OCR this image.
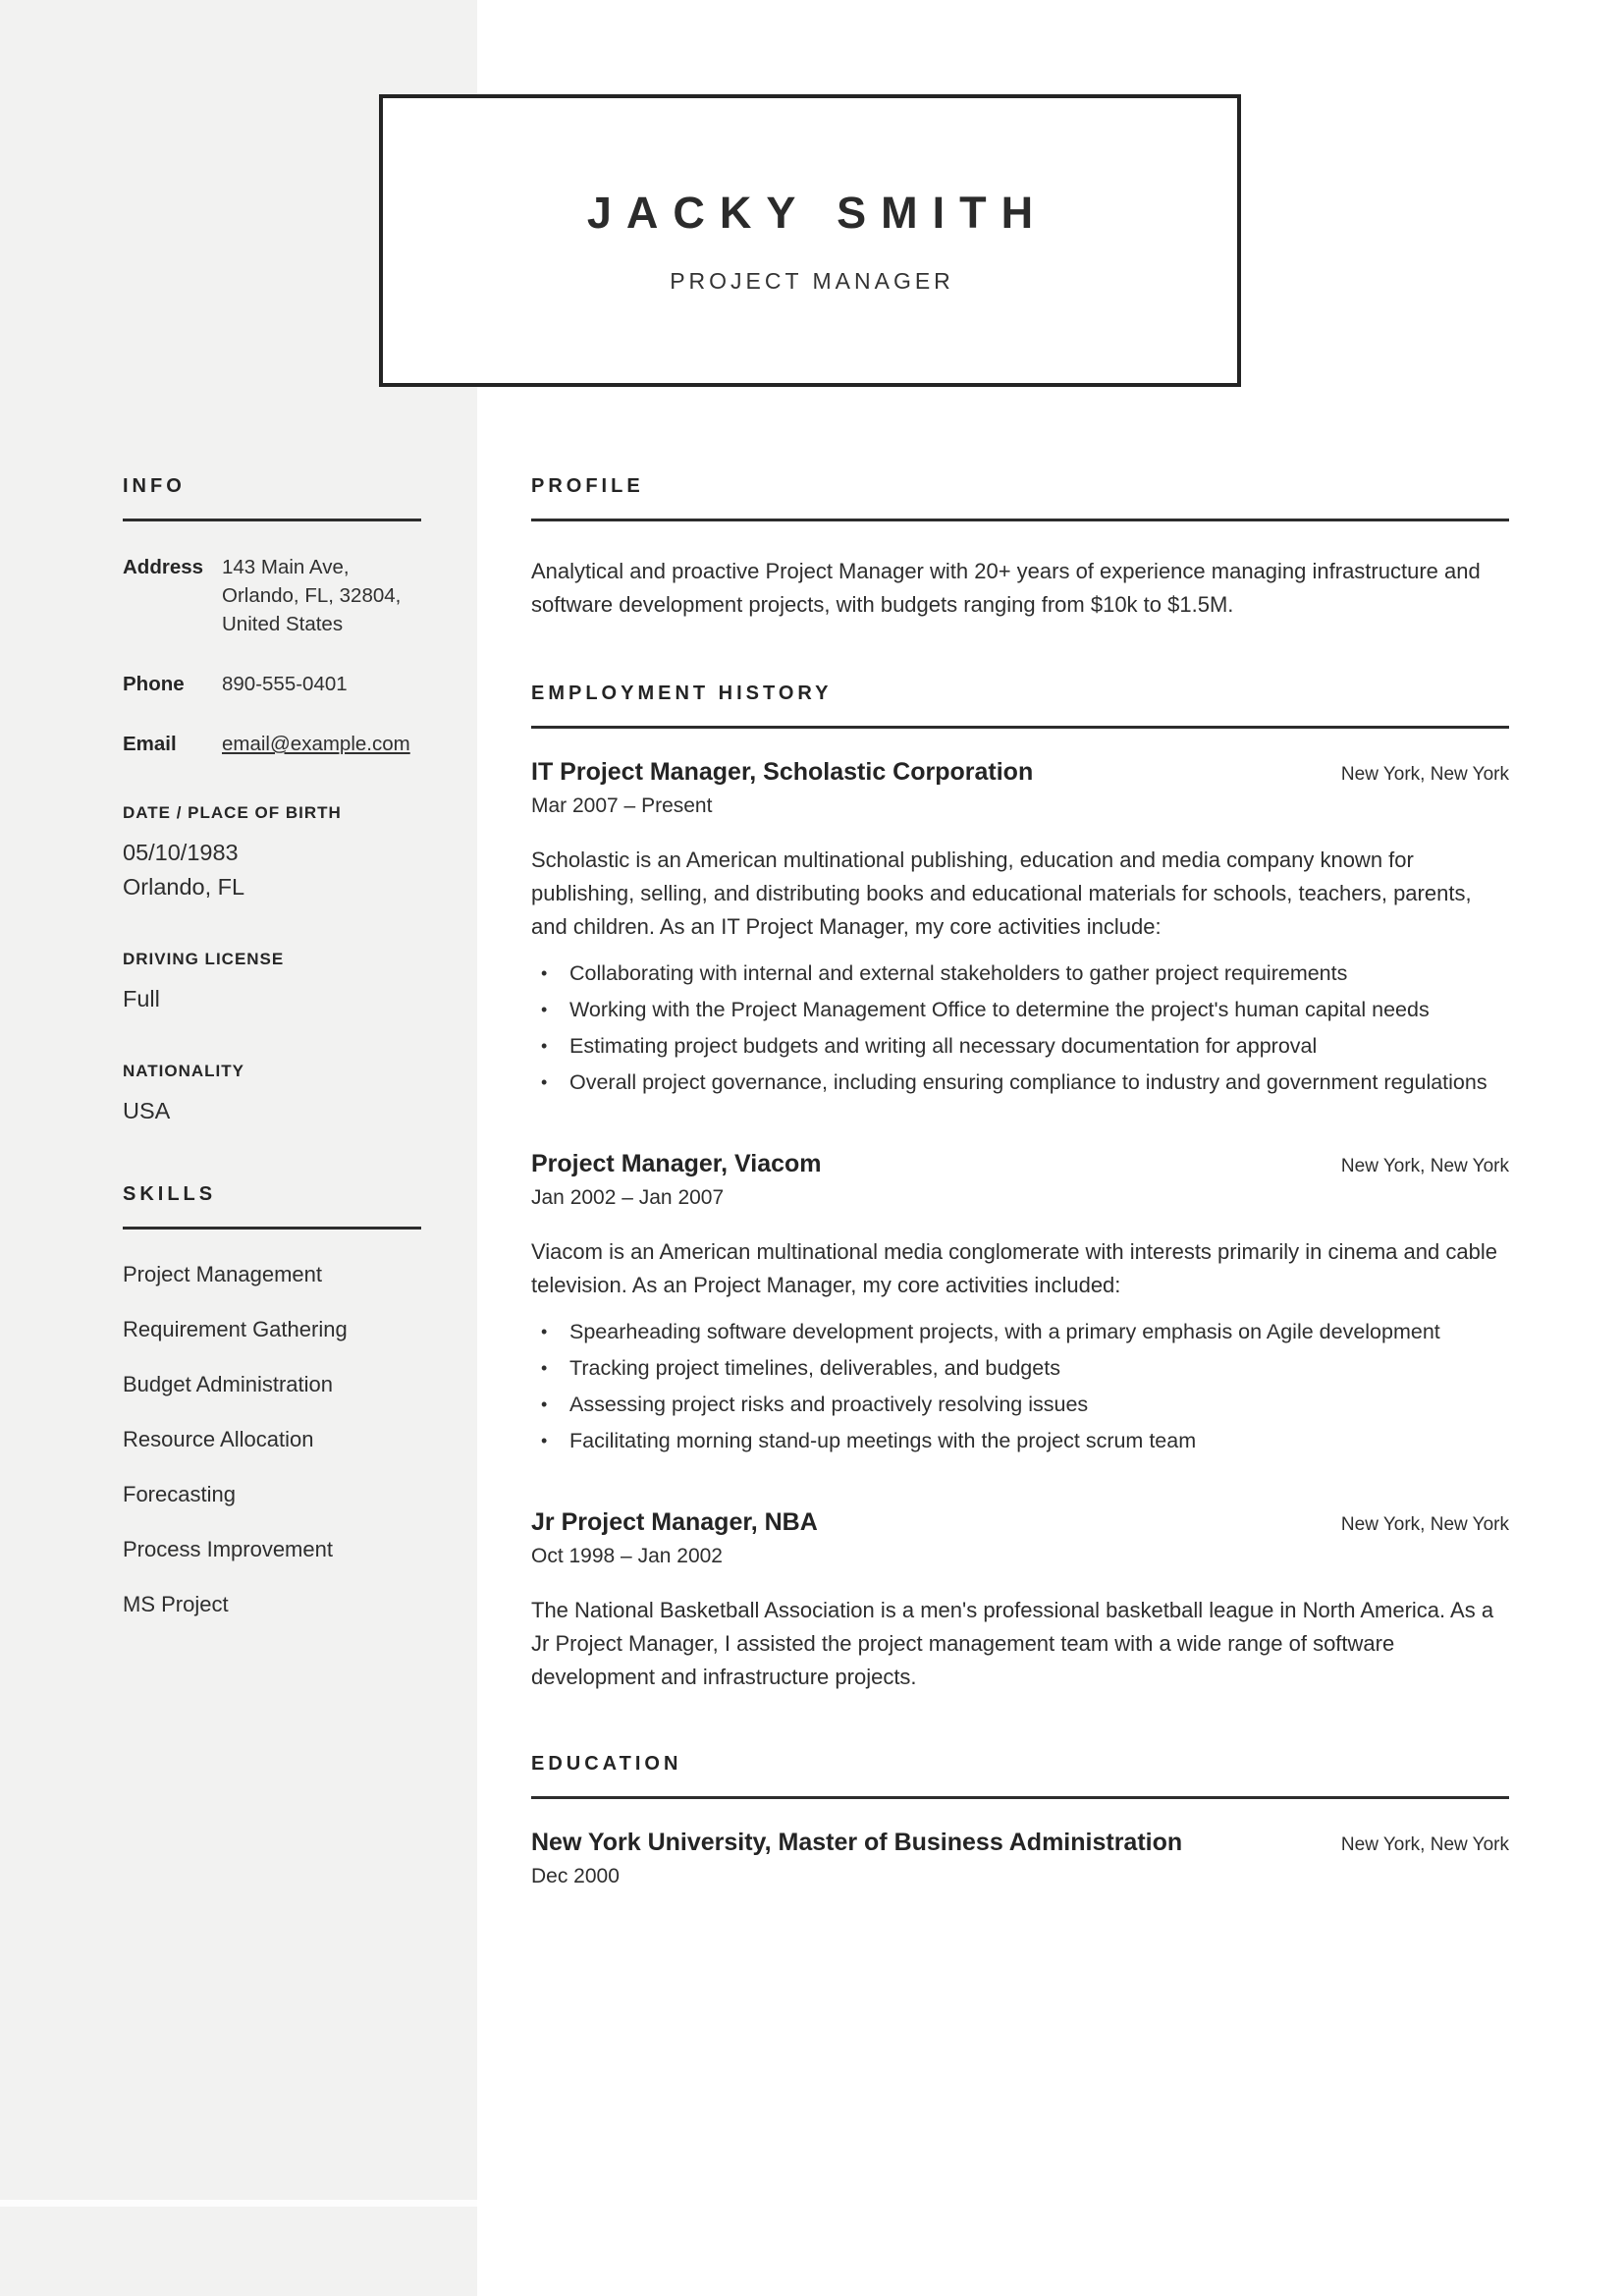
JACKY SMITH
PROJECT MANAGER
INFO
Address 143 Main Ave,
Orlando, FL, 32804,
United States
Phone	890-555-0401
Email	email@example.com
DATE / PLACE OF BIRTH
05/10/1983
Orlando, FL
DRIVING LICENSE
Full
NATIONALITY
USA
SKILLS
Project Management
Requirement Gathering
Budget Administration
Resource Allocation
Forecasting
Process Improvement
MS Project
PROFILE
Analytical and proactive Project Manager with 20+ years of experience managing infrastructure and software development projects, with budgets ranging from $10k to $1.5M.
EMPLOYMENT HISTORY
IT Project Manager, Scholastic Corporation	New York, New York
Mar 2007 – Present
Scholastic is an American multinational publishing, education and media company known for publishing, selling, and distributing books and educational materials for schools, teachers, parents, and children. As an IT Project Manager, my core activities include:
•	Collaborating with internal and external stakeholders to gather project requirements
•	Working with the Project Management Office to determine the project's human capital needs
•	Estimating project budgets and writing all necessary documentation for approval
•	Overall project governance, including ensuring compliance to industry and government regulations
Project Manager, Viacom	New York, New York
Jan 2002 – Jan 2007
Viacom is an American multinational media conglomerate with interests primarily in cinema and cable television. As an Project Manager, my core activities included:
•	Spearheading software development projects, with a primary emphasis on Agile development
•	Tracking project timelines, deliverables, and budgets
•	Assessing project risks and proactively resolving issues
•	Facilitating morning stand-up meetings with the project scrum team
Jr Project Manager, NBA	New York, New York
Oct 1998 – Jan 2002
The National Basketball Association is a men's professional basketball league in North America. As a Jr Project Manager, I assisted the project management team with a wide range of software development and infrastructure projects.
EDUCATION
New York University, Master of Business Administration	New York, New York
Dec 2000
